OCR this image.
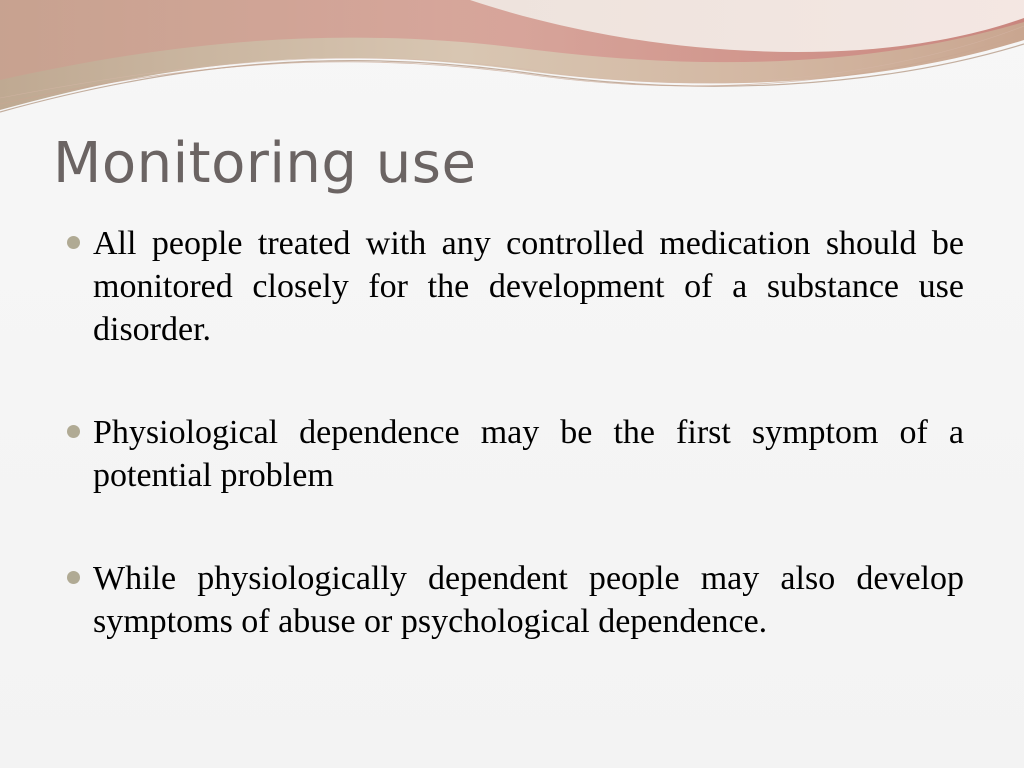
Monitoring use
All people treated with any controlled medication should be monitored closely for the development of a substance use disorder.
Physiological dependence may be the first symptom of a potential problem
While physiologically dependent people may also develop symptoms of abuse or psychological dependence.
